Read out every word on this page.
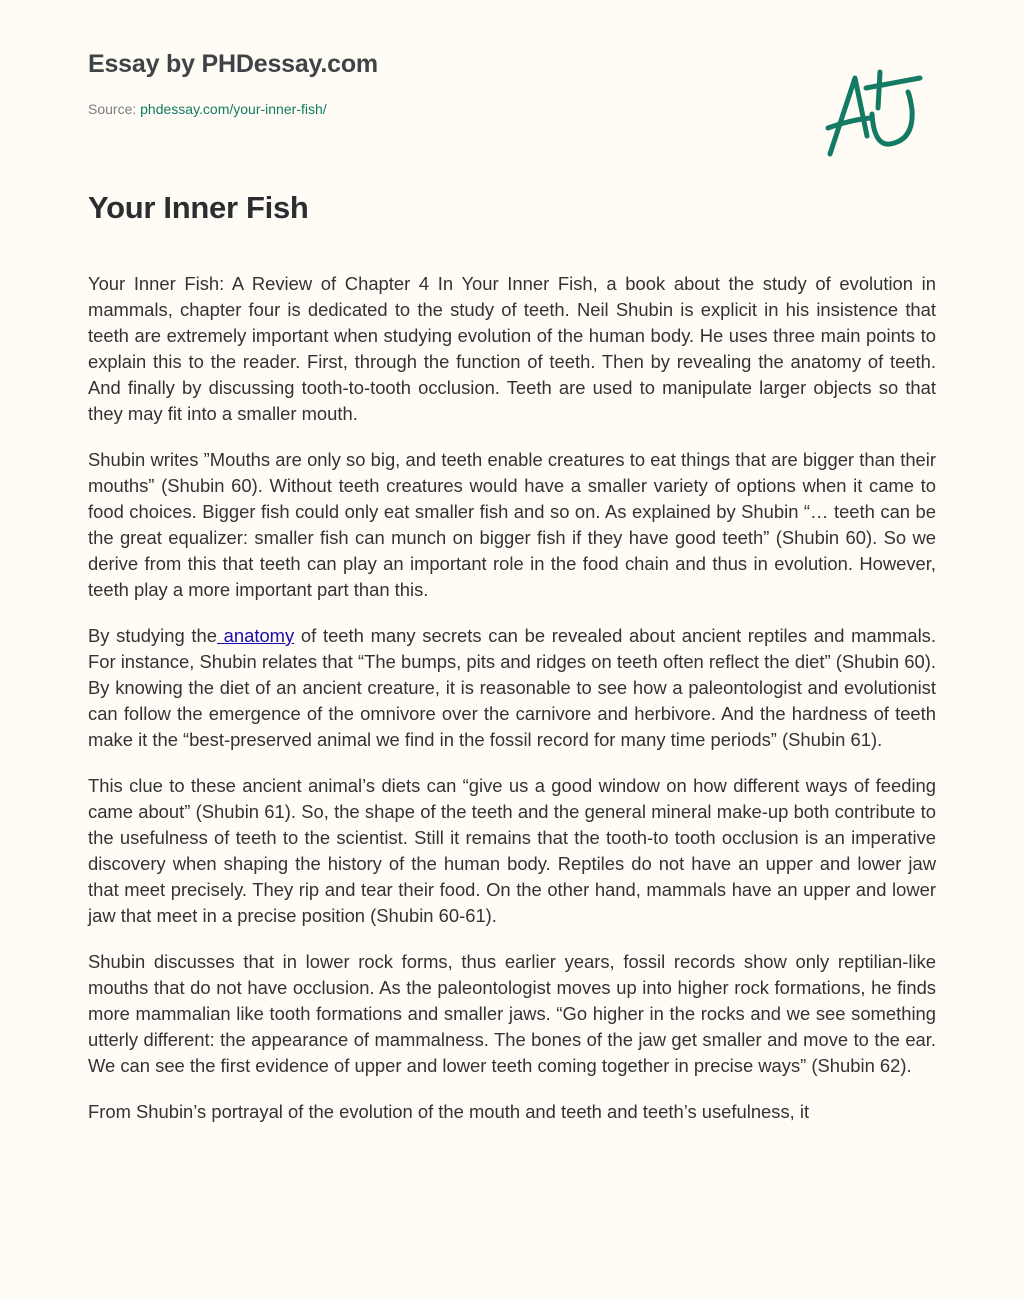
Essay by PHDessay.com
Source: phdessay.com/your-inner-fish/
Your Inner Fish

Your Inner Fish: A Review of Chapter 4 In Your Inner Fish, a book about the study of evolution in mammals, chapter four is dedicated to the study of teeth. Neil Shubin is explicit in his insistence that teeth are extremely important when studying evolution of the human body. He uses three main points to explain this to the reader. First, through the function of teeth. Then by revealing the anatomy of teeth. And finally by discussing tooth-to-tooth occlusion. Teeth are used to manipulate larger objects so that they may fit into a smaller mouth.

Shubin writes ”Mouths are only so big, and teeth enable creatures to eat things that are bigger than their mouths” (Shubin 60). Without teeth creatures would have a smaller variety of options when it came to food choices. Bigger fish could only eat smaller fish and so on. As explained by Shubin “… teeth can be the great equalizer: smaller fish can munch on bigger fish if they have good teeth” (Shubin 60). So we derive from this that teeth can play an important role in the food chain and thus in evolution. However, teeth play a more important part than this.

By studying the anatomy of teeth many secrets can be revealed about ancient reptiles and mammals. For instance, Shubin relates that “The bumps, pits and ridges on teeth often reflect the diet” (Shubin 60). By knowing the diet of an ancient creature, it is reasonable to see how a paleontologist and evolutionist can follow the emergence of the omnivore over the carnivore and herbivore. And the hardness of teeth make it the “best-preserved animal we find in the fossil record for many time periods” (Shubin 61).

This clue to these ancient animal’s diets can “give us a good window on how different ways of feeding came about” (Shubin 61). So, the shape of the teeth and the general mineral make-up both contribute to the usefulness of teeth to the scientist. Still it remains that the tooth-to tooth occlusion is an imperative discovery when shaping the history of the human body. Reptiles do not have an upper and lower jaw that meet precisely. They rip and tear their food. On the other hand, mammals have an upper and lower jaw that meet in a precise position (Shubin 60-61).

Shubin discusses that in lower rock forms, thus earlier years, fossil records show only reptilian-like mouths that do not have occlusion. As the paleontologist moves up into higher rock formations, he finds more mammalian like tooth formations and smaller jaws. “Go higher in the rocks and we see something utterly different: the appearance of mammalness. The bones of the jaw get smaller and move to the ear. We can see the first evidence of upper and lower teeth coming together in precise ways” (Shubin 62).

From Shubin’s portrayal of the evolution of the mouth and teeth and teeth’s usefulness, it
